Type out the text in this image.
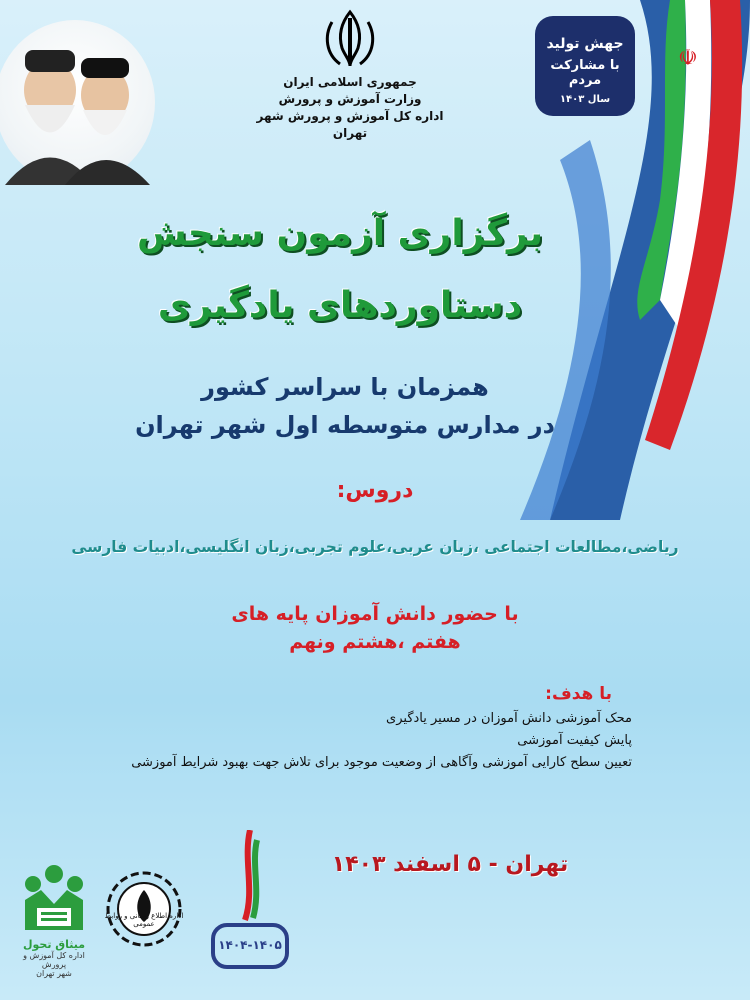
جمهوری اسلامی ایران
وزارت آموزش و پرورش
اداره کل آموزش و پرورش شهر تهران
جهش تولید
با مشارکت مردم
سال ۱۴۰۳
☫
برگزاری آزمون سنجش
دستاوردهای یادگیری
همزمان با سراسر کشور
در مدارس متوسطه اول شهر تهران
دروس:
ریاضی،مطالعات اجتماعی ،زبان عربی،علوم تجربی،زبان انگلیسی،ادبیات فارسی
با حضور دانش آموزان پایه های
هفتم ،هشتم ونهم
با هدف:
محک آموزشی دانش آموزان در مسیر یادگیری
پایش کیفیت آموزشی
تعیین سطح کارایی آموزشی وآگاهی از وضعیت موجود برای تلاش جهت بهبود شرایط آموزشی
تهران - ۵ اسفند ۱۴۰۳
میثاق تحول
اداره کل آموزش و پرورش
شهر تهران
اداره اطلاع رسانی و روابط عمومی
۱۴۰۴-۱۴۰۵
